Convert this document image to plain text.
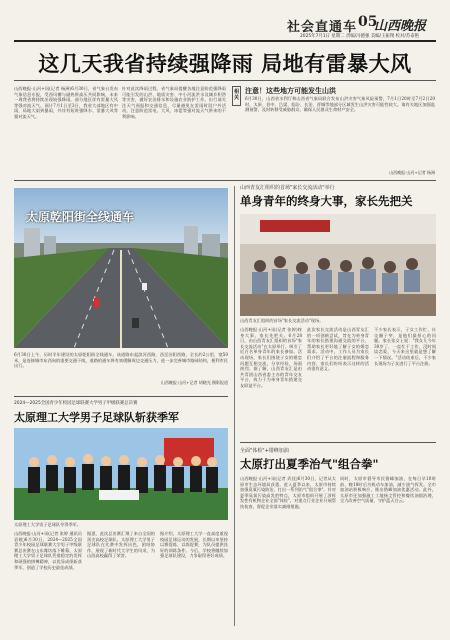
社会直通车 05
山西晚报
2025年7月1日 星期二 责编/冯德强 美编/王振翔 校对/苏泰艳
这几天我省持续强降雨 局地有雷暴大风
山西晚报·山河+讯(记者 杨洲)6月30日，省气象台发布气象信息专报，受西风槽与副热带高压共同影响，未来一周我省将持续出现较强降雨，部分地区伴有雷暴大风等强对流天气。预计7月1日至3日，我省大部地区有中雨，局地大雨到暴雨，并伴有短时强降水、雷暴大风等强对流天气。
针对此次降雨过程，省气象局提醒各地注意防范强降雨可能引发的山洪、地质灾害、中小河流洪水及城乡积涝等灾害，做好农田排水和设施农业防护工作。出行请关注天气预报和交通信息，尽量避免在雷雨时段户外活动，注意防范雷电、大风、冰雹等强对流天气带来的不利影响。
相关
注意！这些地方可能发生山洪
6月30日，山西省水利厅和山西省气象局联合发布山洪灾害气象风险预警，7月1日20时至7月2日20时，太原、晋中、吕梁、临汾、长治、晋城等地部分区域发生山洪灾害可能性较大。请有关地区加强监测预警，及时转移受威胁群众，确保人民群众生命财产安全。
山西晚报·山河+记者 杨洲
太原乾阳街全线通车
6月30日上午，历时半年建设的太原乾阳街全线通车。该道路东起滨河西路，西至汾阳西路，全长约2公里，宽50米，是连接城市东西向的重要交通干线，道路的通车将有效缓解周边交通压力，进一步完善城市路网结构，便利市民出行。
山西晚报·山河+记者 胡晓光 摄影报道
山西青友汇组织的首场"家长交流活动"举行
单身青年的终身大事，家长先把关
山西青友汇组织的首场"家长交流活动"现场。
山西晚报·山河+讯(记者 张婷)终身大事，家长先把关。6月28日，由山西青友汇组织的首场"家长交流活动"在太原举行，吸引了近百名单身青年的家长参加。活动现场，家长们围绕子女的婚恋问题互相交流，分享经验，场面热烈。据了解，山西青友汇是由共青团山西省委主办的青年交友平台，致力于为单身青年搭建交友联谊平台。
此次家长交流活动是山西青友汇的一项创新尝试，旨在为单身青年的家长搭建沟通交流的平台，帮助家长更好地了解子女的婚恋需求。活动中，工作人员为家长们介绍了平台的注册流程和服务内容，家长们纷纷表示这样的活动很有意义。
不少家长表示，子女工作忙、社交圈子窄，是他们最担心的问题。家长张女士说："我女儿今年30岁了，一直忙于工作，没时间谈恋爱，今天来这里就是想了解一下情况。"活动结束后，不少家长现场为子女进行了平台注册。
2024—2025全国青少年校园足球联赛大学男子甲级联赛总决赛
太原理工大学男子足球队斩获季军
太原理工大学男子足球队夺得季军。
山西晚报·山河+讯(记者 张婷 通讯员 袁媛)6月30日，2024—2025全国青少年校园足球联赛大学男子甲级联赛总决赛在山东潍坊落下帷幕，太原理工大学男子足球队凭借稳定的发挥和顽强的拼搏精神，以优异成绩斩获季军，创造了学校历史最佳成绩。
据悉，此次总决赛汇聚了来自全国的顶尖高校足球队。太原理工大学男子足球队在比赛中发挥出色，团结协作，展现了新时代大学生的风采，为山西高校赢得了荣誉。
据介绍，太原理工大学一直高度重视校园足球运动的发展，长期以来坚持以赛促练、以练促赛，为队员提供良好的训练条件。今后，学校将继续加强足球队建设，力争取得更好成绩。
全面"体检"+错峰加油
太原打出夏季治气"组合拳"
山西晚报·山河+讯(记者 武佳)6月30日，记者从太原市生态环境局获悉，进入夏季以来，太原市持续加强臭氧污染防治，打出一系列治气"组合拳"。针对夏季臭氧污染高发的特点，太原市组织开展了涉挥发性有机物企业全面"体检"，对重点行业企业开展帮扶检查，督促企业落实减排措施。
同时，太原市倡导市民错峰加油，在每日早10时前、晚18时后为机动车加油，减少油气挥发。全市加油站积极响应，推出错峰加油优惠活动。此外，太原市还加强施工工地扬尘管控和餐饮油烟治理，全力改善空气质量，守护蓝天白云。
